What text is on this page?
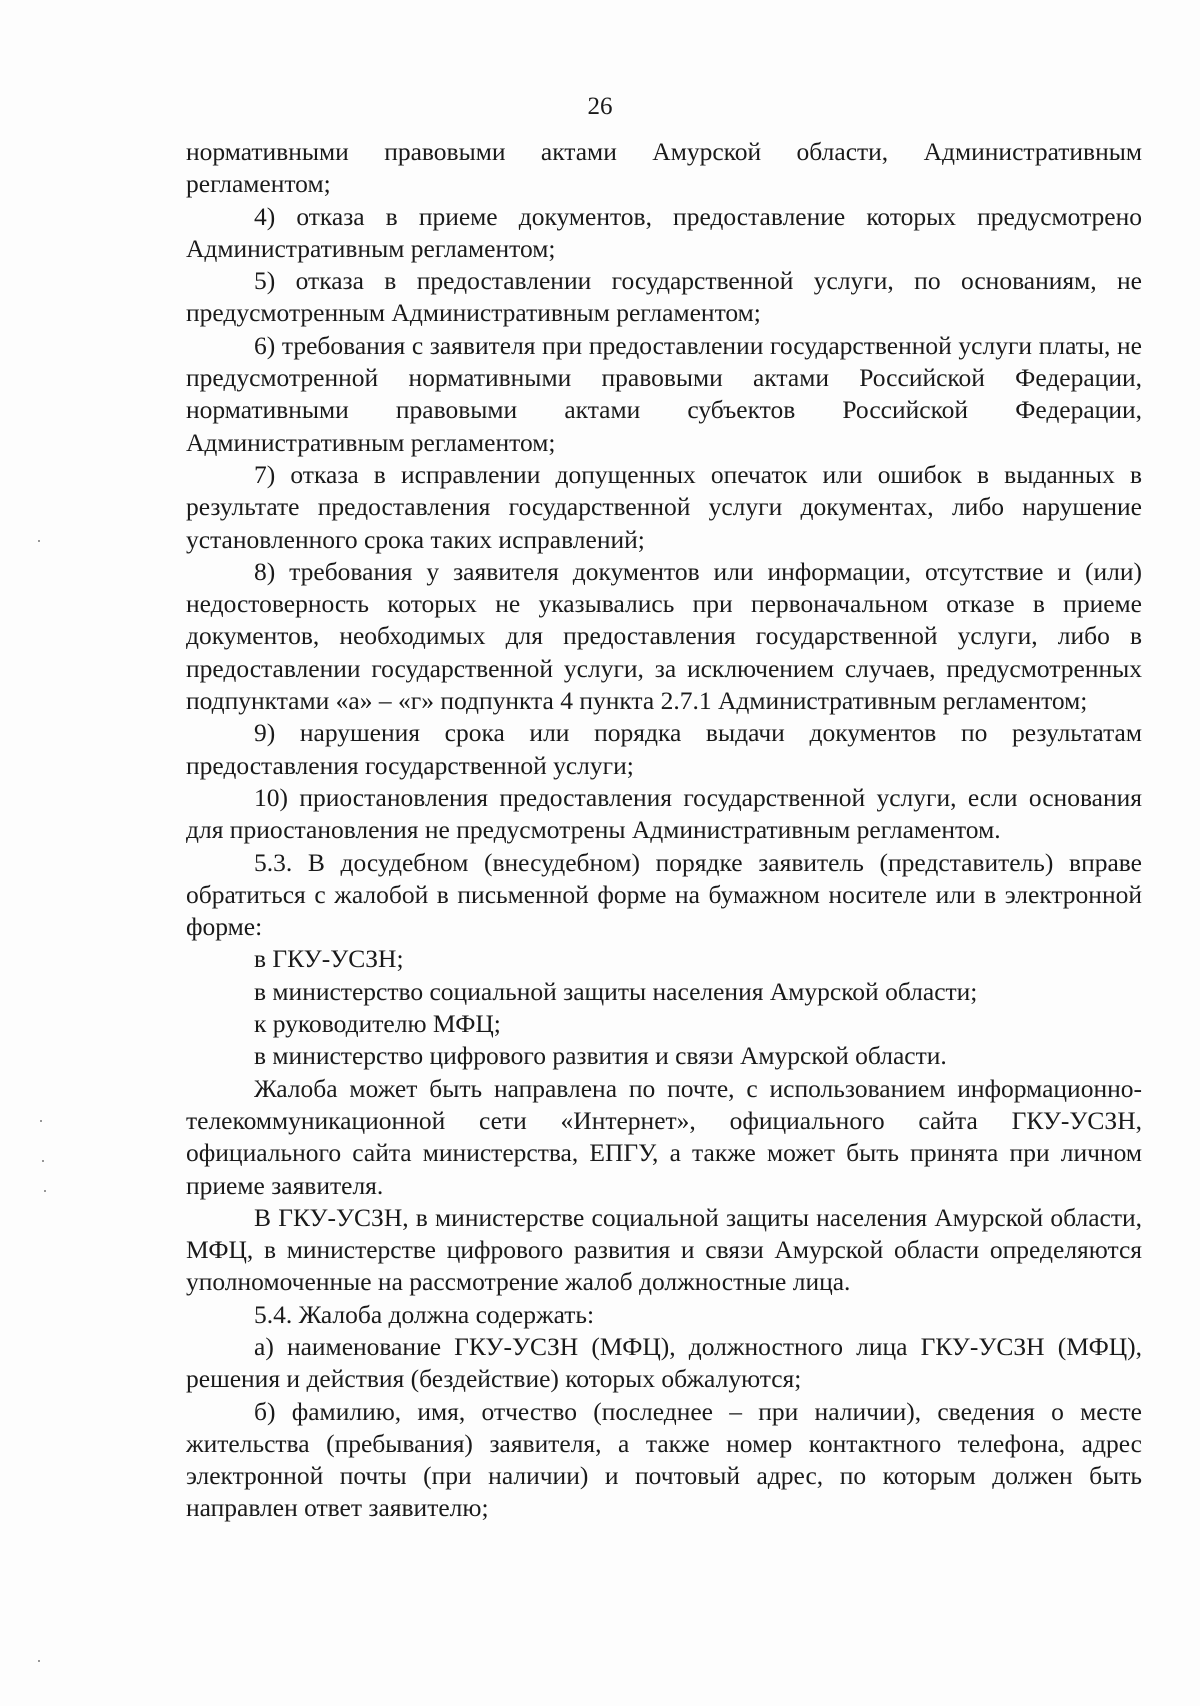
26

нормативными правовыми актами Амурской области, Административным регламентом;

4) отказа в приеме документов, предоставление которых предусмотрено Административным регламентом;

5) отказа в предоставлении государственной услуги, по основаниям, не предусмотренным Административным регламентом;

6) требования с заявителя при предоставлении государственной услуги платы, не предусмотренной нормативными правовыми актами Российской Федерации, нормативными правовыми актами субъектов Российской Федерации, Административным регламентом;

7) отказа в исправлении допущенных опечаток или ошибок в выданных в результате предоставления государственной услуги документах, либо нарушение установленного срока таких исправлений;

8) требования у заявителя документов или информации, отсутствие и (или) недостоверность которых не указывались при первоначальном отказе в приеме документов, необходимых для предоставления государственной услуги, либо в предоставлении государственной услуги, за исключением случаев, предусмотренных подпунктами «а» – «г» подпункта 4 пункта 2.7.1 Административным регламентом;

9) нарушения срока или порядка выдачи документов по результатам предоставления государственной услуги;

10) приостановления предоставления государственной услуги, если основания для приостановления не предусмотрены Административным регламентом.

5.3. В досудебном (внесудебном) порядке заявитель (представитель) вправе обратиться с жалобой в письменной форме на бумажном носителе или в электронной форме:

в ГКУ-УСЗН;

в министерство социальной защиты населения Амурской области;

к руководителю МФЦ;

в министерство цифрового развития и связи Амурской области.

Жалоба может быть направлена по почте, с использованием информационно-телекоммуникационной сети «Интернет», официального сайта ГКУ-УСЗН, официального сайта министерства, ЕПГУ, а также может быть принята при личном приеме заявителя.

В ГКУ-УСЗН, в министерстве социальной защиты населения Амурской области, МФЦ, в министерстве цифрового развития и связи Амурской области определяются уполномоченные на рассмотрение жалоб должностные лица.

5.4. Жалоба должна содержать:

а) наименование ГКУ-УСЗН (МФЦ), должностного лица ГКУ-УСЗН (МФЦ), решения и действия (бездействие) которых обжалуются;

б) фамилию, имя, отчество (последнее – при наличии), сведения о месте жительства (пребывания) заявителя, а также номер контактного телефона, адрес электронной почты (при наличии) и почтовый адрес, по которым должен быть направлен ответ заявителю;
